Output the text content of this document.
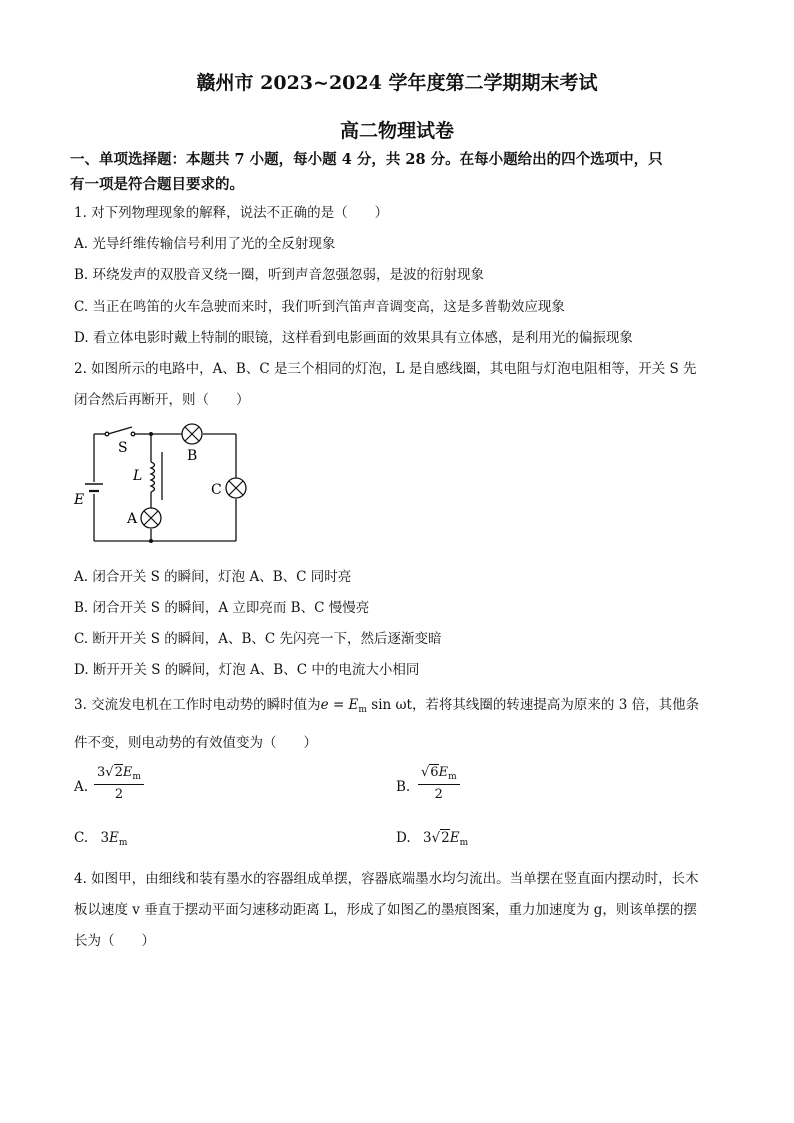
赣州市 2023~2024 学年度第二学期期末考试
高二物理试卷
一、单项选择题：本题共 7 小题，每小题 4 分，共 28 分。在每小题给出的四个选项中，只
有一项是符合题目要求的。
1. 对下列物理现象的解释，说法不正确的是（　　）
A. 光导纤维传输信号利用了光的全反射现象
B. 环绕发声的双股音叉绕一圈，听到声音忽强忽弱，是波的衍射现象
C. 当正在鸣笛的火车急驶而来时，我们听到汽笛声音调变高，这是多普勒效应现象
D. 看立体电影时戴上特制的眼镜，这样看到电影画面的效果具有立体感，是利用光的偏振现象
2. 如图所示的电路中，A、B、C 是三个相同的灯泡，L 是自感线圈，其电阻与灯泡电阻相等，开关 S 先
闭合然后再断开，则（　　）
S	B
L
C
E
A
A. 闭合开关 S 的瞬间，灯泡 A、B、C 同时亮
B. 闭合开关 S 的瞬间，A 立即亮而 B、C 慢慢亮
C. 断开开关 S 的瞬间，A、B、C 先闪亮一下，然后逐渐变暗
D. 断开开关 S 的瞬间，灯泡 A、B、C 中的电流大小相同
3. 交流发电机在工作时电动势的瞬时值为$e = E_m$ sin ωt，若将其线圈的转速提高为原来的 3 倍，其他条
件不变，则电动势的有效值变为（　　）
A. $\frac{3√2E_m}{2}$	B. $\frac{√6E_m}{2}$
C. $3E_m$	D. $3√2E_m$
4. 如图甲，由细线和装有墨水的容器组成单摆，容器底端墨水均匀流出。当单摆在竖直面内摆动时，长木
板以速度 v 垂直于摆动平面匀速移动距离 L，形成了如图乙的墨痕图案，重力加速度为 g，则该单摆的摆
长为（　　）
